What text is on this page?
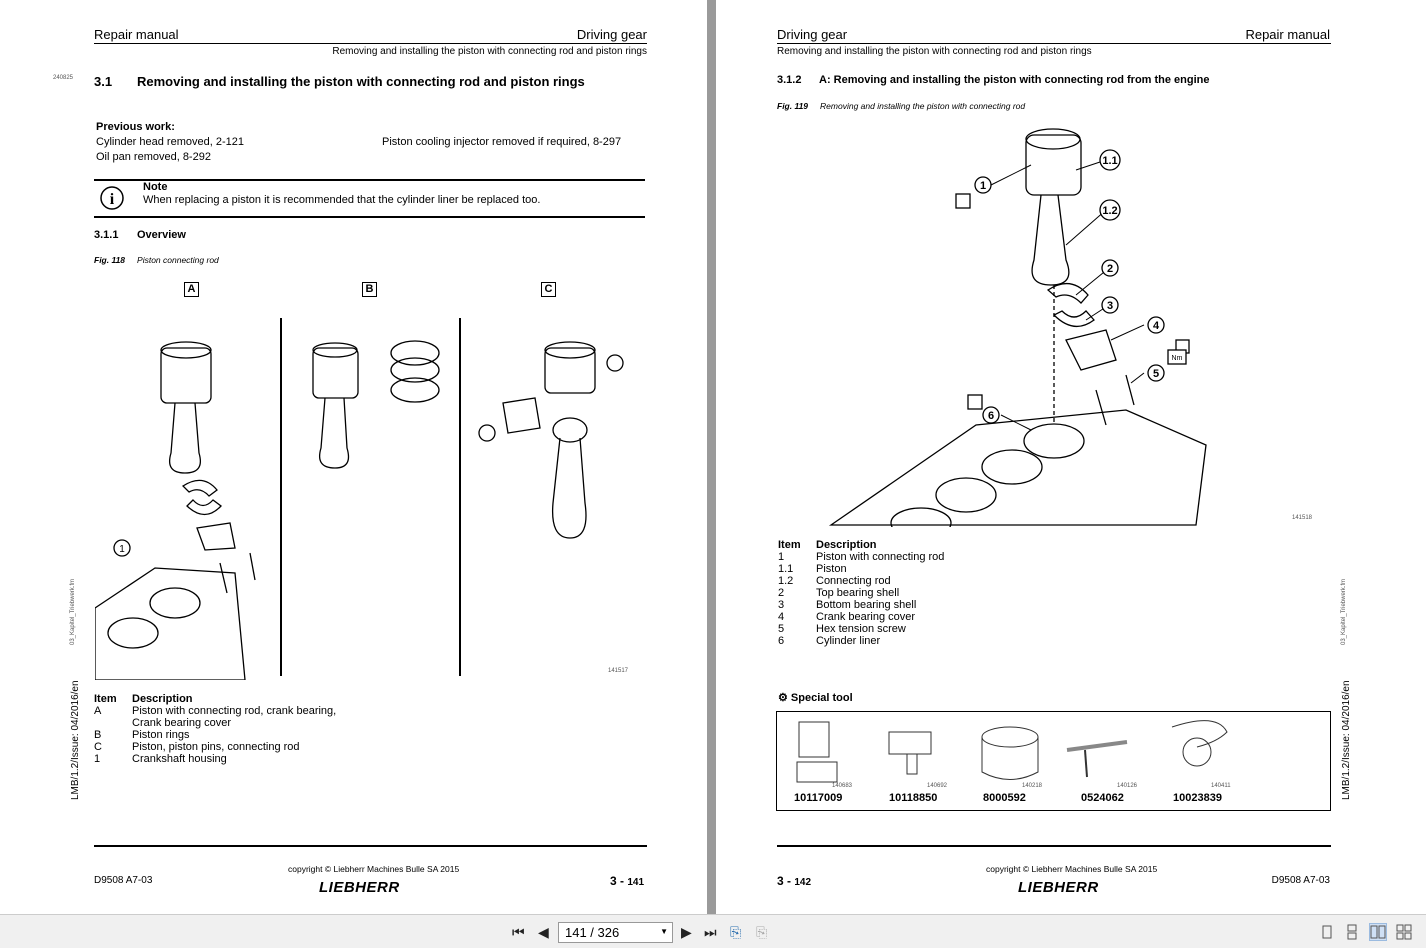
Repair manual	Driving gear
Removing and installing the piston with connecting rod and piston rings
240825 3.1 Removing and installing the piston with connecting rod and piston rings
Previous work:
Cylinder head removed, 2-121
Oil pan removed, 8-292
Piston cooling injector removed if required, 8-297
i
Note
When replacing a piston it is recommended that the cylinder liner be replaced too.
3.1.1 Overview
Fig. 118 Piston connecting rod
A	B	C
1
141517
Item	Description
A	Piston with connecting rod, crank bearing,
	Crank bearing cover
B	Piston rings
C	Piston, piston pins, connecting rod
1	Crankshaft housing
03_Kapitel_Triebwerk.fm
LMB/1.2/Issue: 04/2016/en
copyright © Liebherr Machines Bulle SA 2015
D9508 A7-03	LIEBHERR	3 - 141
Driving gear	Repair manual
Removing and installing the piston with connecting rod and piston rings
3.1.2 A: Removing and installing the piston with connecting rod from the engine
Fig. 119 Removing and installing the piston with connecting rod
1
1.1
1.2
2
3
4
5
6
Nm
141518
Item	Description
1	Piston with connecting rod
1.1	Piston
1.2	Connecting rod
2	Top bearing shell
3	Bottom bearing shell
4	Crank bearing cover
5	Hex tension screw
6	Cylinder liner
⚙ Special tool
140683	140692	140218	140126	140411
10117009	10118850	8000592	0524062	10023839
03_Kapitel_Triebwerk.fm
LMB/1.2/Issue: 04/2016/en
copyright © Liebherr Machines Bulle SA 2015
3 - 142	LIEBHERR	D9508 A7-03
⏮ ◀	141 / 326	▼ ▶ ⏭ ⎘ ⎘
